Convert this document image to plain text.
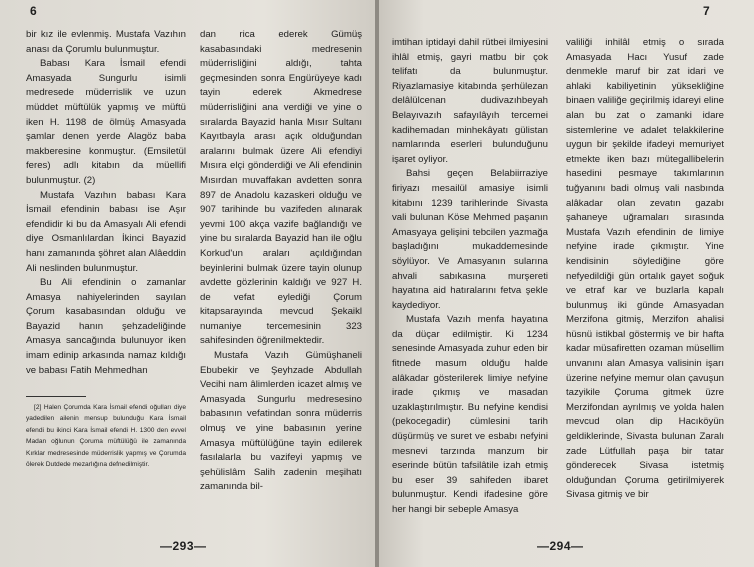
6

bir kız ile evlenmiş. Mustafa Vazıhın anası da Çorumlu bulunmuştur.

Babası Kara İsmail efendi Amasyada Sungurlu isimli medresede müderrislik ve uzun müddet müftülük yapmış ve müftü iken H. 1198 de ölmüş Amasyada şamlar denen yerde Alagöz baba makberesine konmuştur. (Emsiletül feres) adlı kitabın da müellifi bulunmuştur. (2)

Mustafa Vazıhın babası Kara İsmail efendinin babası ise Aşır efendidir ki bu da Amasyalı Ali efendi diye Osmanlılardan İkinci Bayazid hanı zamanında şöhret alan Alâeddin Ali neslinden bulunmuştur.

Bu Ali efendinin o zamanlar Amasya nahiyelerinden sayılan Çorum kasabasından olduğu ve Bayazid hanın şehzadeliğinde Amasya sancağında bulunuyor iken imam edinip arkasında namaz kıldığı ve babası Fatih Mehmedhan

[2] Halen Çorumda Kara İsmail efendi oğulları diye yadedilen ailenin mensup bulunduğu Kara İsmail efendi bu ikinci Kara İsmail efendi H. 1300 den evvel Madan oğlunun Çoruma müftülüğü ile zamanında Kırklar medresesinde müderrislik yapmış ve Çorumda ölerek Dutdede mezarlığına defnedilmiştir.

dan rica ederek Gümüş kasabasındaki medresenin müderrisliğini aldığı, tahta geçmesinden sonra Engürüyeye kadı tayin ederek Akmedrese müderrisliğini ana verdiği ve yine o sıralarda Bayazid hanla Mısır Sultanı Kayıtbayla arası açık olduğundan aralarını bulmak üzere Ali efendiyi Mısıra elçi gönderdiği ve Ali efendinin Mısırdan muvaffakan avdetten sonra 897 de Anadolu kazaskeri olduğu ve 907 tarihinde bu vazifeden alınarak yevmi 100 akça vazife bağlandığı ve yine bu sıralarda Bayazid han ile oğlu Korkud'un araları açıldığından beyinlerini bulmak üzere tayin olunup avdette gözlerinin kaldığı ve 927 H. de vefat eylediği Çorum kitapsarayında mevcud Şekaikl numaniye tercemesinin 323 sahifesinden öğrenilmektedir.

Mustafa Vazıh Gümüşhaneli Ebubekir ve Şeyhzade Abdullah Vecihi nam âlimlerden icazet almış ve Amasyada Sungurlu medresesino babasının vefatindan sonra müderris olmuş ve yine babasının yerine Amasya müftülüğüne tayin edilerek fasılalarla bu vazifeyi yapmış ve şehülislâm Salih zadenin meşihatı zamanında bil-

—293—
7

imtihan iptidayi dahil rütbei ilmiyesini ihlâl etmiş, gayri matbu bir çok telifatı da bulunmuştur. Riyazlamasiye kitabında şerhülezan delâlülcenan dudivazıhbeyah Belayıvazıh safayılâyıh tercemei kadihemadan minhekâyatı gülistan namlarında eserleri bulunduğunu işaret oyliyor.

Bahsi geçen Belabiirraziye firiyazı mesailül amasiye isimli kitabını 1239 tarihlerinde Sivasta vali bulunan Köse Mehmed paşanın Amasyaya gelişini tebcilen yazmağa başladığını mukaddemesinde söylüyor. Ve Amasyanın sularına ahvali sabıkasına murşereti hayatına aid hatıralarını fetva şekle kaydediyor.

Mustafa Vazıh menfa hayatına da düçar edilmiştir. Ki 1234 senesinde Amasyada zuhur eden bir fitnede masum olduğu halde alâkadar gösterilerek limiye nefyine irade çıkmış ve masadan uzaklaştırılmıştır. Bu nefyine kendisi (pekocegadir) cümlesini tarih düşürmüş ve suret ve esbabı nefyini mesnevi tarzında manzum bir eserinde bütün tafsilâtile izah etmiş bu eser 39 sahifeden ibaret bulunmuştur. Kendi ifadesine göre her hangi bir sebeple Amasya

valiliği inhilâl etmiş o sırada Amasyada Hacı Yusuf zade denmekle maruf bir zat idari ve ahlaki kabiliyetinin yüksekliğine binaen valiliğe geçirilmiş idareyi eline alan bu zat o zamanki idare sistemlerine ve adalet telakkilerine uygun bir şekilde ifadeyi memuriyet etmekte iken bazı mütegallibelerin hasedini pesmaye takımlarının tuğyanını badi olmuş vali nasbında alâkadar olan zevatın gazabı şahaneye uğramaları sırasında Mustafa Vazıh efendinin de limiye nefyine irade çıkmıştır. Yine kendisinin söylediğine göre nefyedildiği gün ortalık gayet soğuk ve etraf kar ve buzlarla kapalı bulunmuş iki günde Amasyadan Merzifona gitmiş, Merzifon ahalisi hüsnü istikbal göstermiş ve bir hafta kadar müsafiretten ozaman müsellim unvanını alan Amasya valisinin işarı üzerine nefyine memur olan çavuşun tazyikile Çoruma gitmek üzre Merzifondan ayrılmış ve yolda halen mevcud olan dip Hacıköyün geldiklerinde, Sivasta bulunan Zaralı zade Lütfullah paşa bir tatar gönderecek Sivasa istetmiş olduğundan Çoruma getirilmiyerek Sivasa gitmiş ve bir

—294—
